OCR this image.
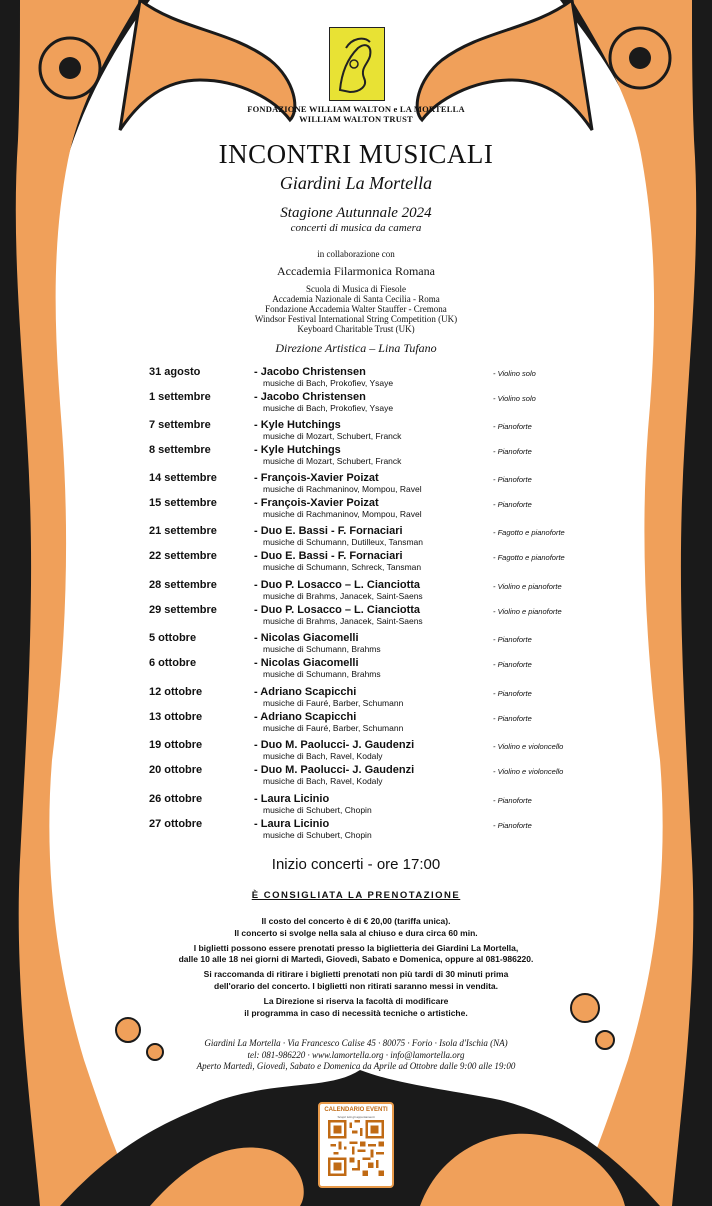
FONDAZIONE WILLIAM WALTON e LA MORTELLA
WILLIAM WALTON TRUST
INCONTRI MUSICALI
Giardini La Mortella
Stagione Autunnale 2024
concerti di musica da camera
in collaborazione con
Accademia Filarmonica Romana
Scuola di Musica di Fiesole
Accademia Nazionale di Santa Cecilia - Roma
Fondazione Accademia Walter Stauffer - Cremona
Windsor Festival International String Competition (UK)
Keyboard Charitable Trust (UK)
Direzione Artistica – Lina Tufano
31 agosto	- Jacobo Christensen
musiche di Bach, Prokofiev, Ysaye
- Violino solo
1 settembre	- Jacobo Christensen
musiche di Bach, Prokofiev, Ysaye
- Violino solo
7 settembre	- Kyle Hutchings
musiche di Mozart, Schubert, Franck
- Pianoforte
8 settembre	- Kyle Hutchings
musiche di Mozart, Schubert, Franck
- Pianoforte
14 settembre	- François-Xavier Poizat
musiche di Rachmaninov, Mompou, Ravel
- Pianoforte
15 settembre	- François-Xavier Poizat
musiche di Rachmaninov, Mompou, Ravel
- Pianoforte
21 settembre	- Duo E. Bassi - F. Fornaciari
musiche di Schumann, Dutilleux, Tansman
- Fagotto e pianoforte
22 settembre	- Duo E. Bassi - F. Fornaciari
musiche di Schumann, Schreck, Tansman
- Fagotto e pianoforte
28 settembre	- Duo P. Losacco – L. Cianciotta
musiche di Brahms, Janacek, Saint-Saens
- Violino e pianoforte
29 settembre	- Duo P. Losacco – L. Cianciotta
musiche di Brahms, Janacek, Saint-Saens
- Violino e pianoforte
5 ottobre	- Nicolas Giacomelli
musiche di Schumann, Brahms
- Pianoforte
6 ottobre	- Nicolas Giacomelli
musiche di Schumann, Brahms
- Pianoforte
12 ottobre	- Adriano Scapicchi
musiche di Fauré, Barber, Schumann
- Pianoforte
13 ottobre	- Adriano Scapicchi
musiche di Fauré, Barber, Schumann
- Pianoforte
19 ottobre	- Duo M. Paolucci- J. Gaudenzi
musiche di Bach, Ravel, Kodaly
- Violino e violoncello
20 ottobre	- Duo M. Paolucci- J. Gaudenzi
musiche di Bach, Ravel, Kodaly
- Violino e violoncello
26 ottobre	- Laura Licinio
musiche di Schubert, Chopin
- Pianoforte
27 ottobre	- Laura Licinio
musiche di Schubert, Chopin
- Pianoforte
Inizio concerti - ore 17:00
È CONSIGLIATA LA PRENOTAZIONE

Il costo del concerto è di € 20,00 (tariffa unica).
Il concerto si svolge nella sala al chiuso e dura circa 60 min.

I biglietti possono essere prenotati presso la biglietteria dei Giardini La Mortella,
dalle 10 alle 18 nei giorni di Martedì, Giovedì, Sabato e Domenica, oppure al 081-986220.

Si raccomanda di ritirare i biglietti prenotati non più tardi di 30 minuti prima
dell'orario del concerto. I biglietti non ritirati saranno messi in vendita.

La Direzione si riserva la facoltà di modificare
il programma in caso di necessità tecniche o artistiche.

Giardini La Mortella · Via Francesco Calise 45 · 80075 · Forio · Isola d'Ischia (NA)
tel: 081-986220 · www.lamortella.org · info@lamortella.org
Aperto Martedì, Giovedì, Sabato e Domenica da Aprile ad Ottobre dalle 9:00 alle 19:00
CALENDARIO EVENTI
Scopri tutti gli appuntamenti
